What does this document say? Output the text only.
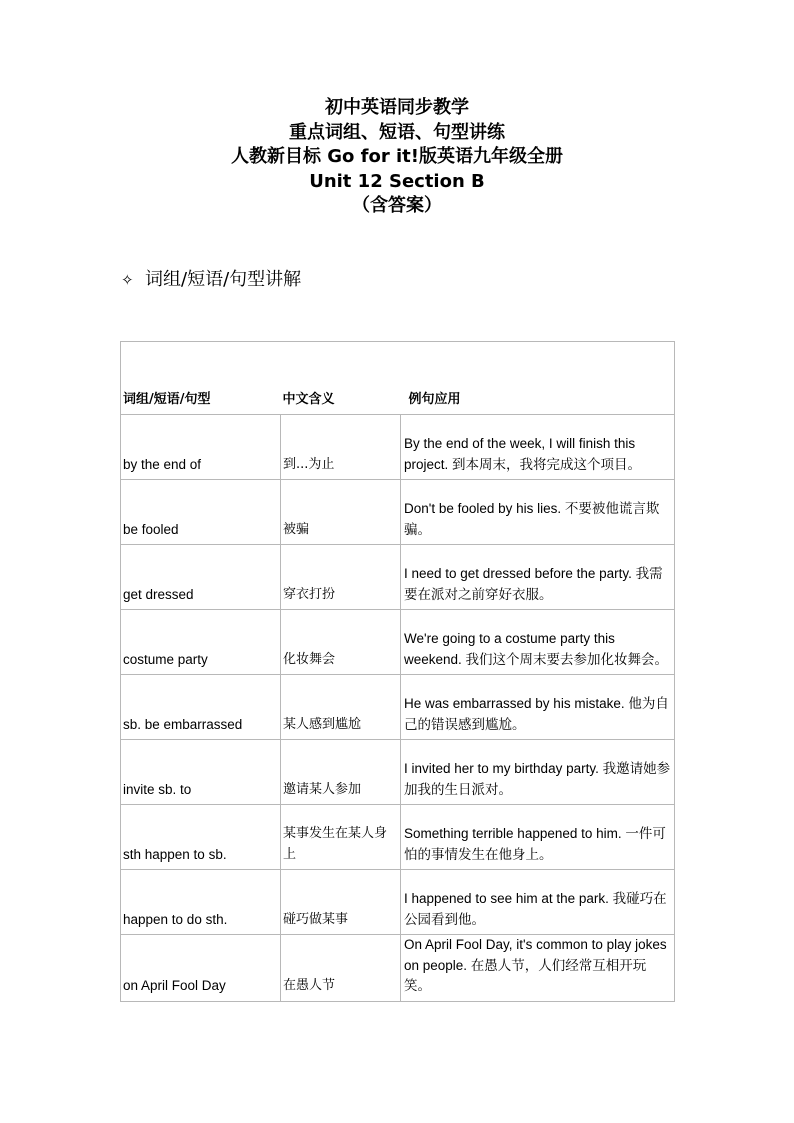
初中英语同步教学
重点词组、短语、句型讲练
人教新目标 Go for it!版英语九年级全册
Unit 12 Section B
（含答案）
✧ 词组/短语/句型讲解

词组/短语/句型	中文含义	例句应用
by the end of	到...为止	By the end of the week, I will finish this project. 到本周末，我将完成这个项目。
be fooled	被骗	Don't be fooled by his lies. 不要被他谎言欺骗。
get dressed	穿衣打扮	I need to get dressed before the party. 我需要在派对之前穿好衣服。
costume party	化妆舞会	We're going to a costume party this weekend. 我们这个周末要去参加化妆舞会。
sb. be embarrassed	某人感到尴尬	He was embarrassed by his mistake. 他为自己的错误感到尴尬。
invite sb. to	邀请某人参加	I invited her to my birthday party. 我邀请她参加我的生日派对。
sth happen to sb.	某事发生在某人身上	Something terrible happened to him. 一件可怕的事情发生在他身上。
happen to do sth.	碰巧做某事	I happened to see him at the park. 我碰巧在公园看到他。
on April Fool Day	在愚人节	On April Fool Day, it's common to play jokes on people. 在愚人节，人们经常互相开玩笑。
